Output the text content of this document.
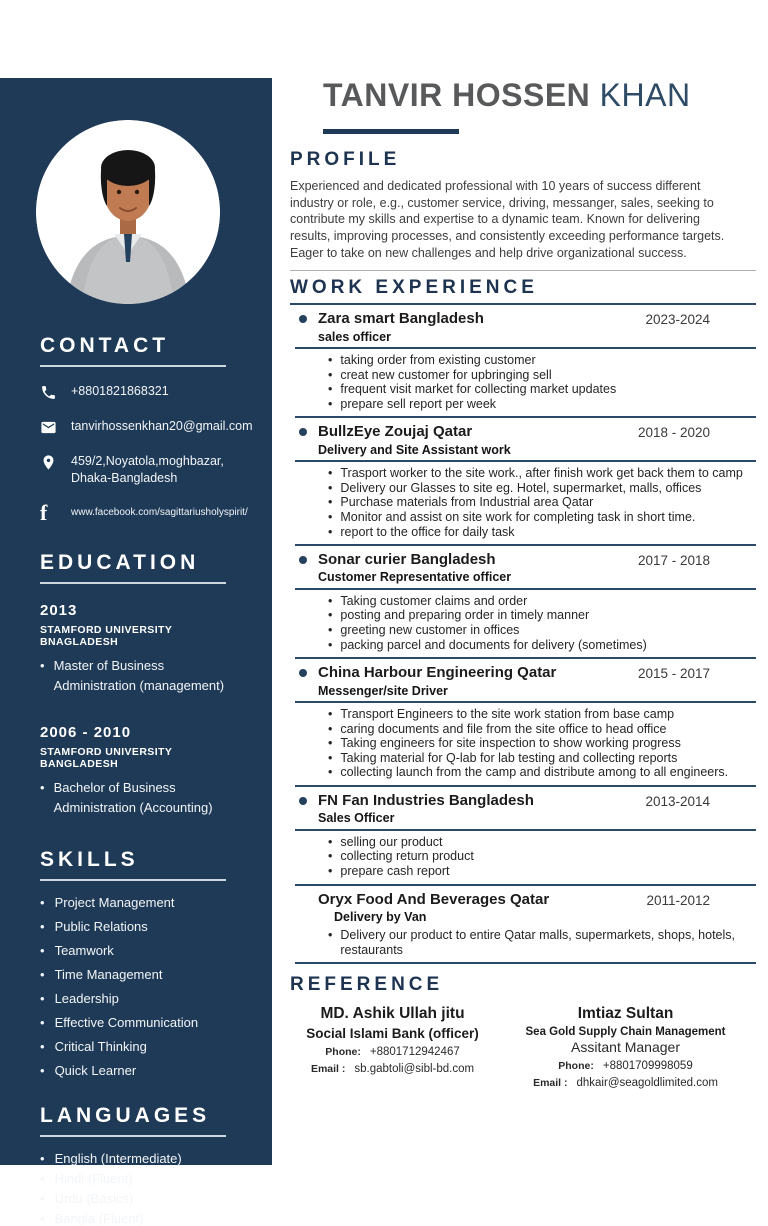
CONTACT
+8801821868321
tanvirhossenkhan20@gmail.com
459/2,Noyatola,moghbazar,
Dhaka-Bangladesh
f	www.facebook.com/sagittariusholyspirit/
EDUCATION
2013
STAMFORD UNIVERSITY BNAGLADESH
• Master of Business Administration (management)
2006 - 2010
STAMFORD UNIVERSITY BANGLADESH
• Bachelor of Business Administration (Accounting)
SKILLS
• Project Management
• Public Relations
• Teamwork
• Time Management
• Leadership
• Effective Communication
• Critical Thinking
• Quick Learner
LANGUAGES
• English (Intermediate)
• Hindi (Fluent)
• Urdu (Basics)
• Bangla (Fluent)
TANVIR HOSSEN KHAN
PROFILE

Experienced and dedicated professional with 10 years of success different industry or role, e.g., customer service, driving, messanger, sales, seeking to contribute my skills and expertise to a dynamic team. Known for delivering results, improving processes, and consistently exceeding performance targets. Eager to take on new challenges and help drive organizational success.

WORK EXPERIENCE
Zara smart Bangladesh
sales officer
2023-2024
• taking order from existing customer
• creat new customer for upbringing sell
• frequent visit market for collecting market updates
• prepare sell report per week
BullzEye Zoujaj Qatar
Delivery and Site Assistant work
2018 - 2020
• Trasport worker to the site work., after finish work get back them to camp
• Delivery our Glasses to site eg. Hotel, supermarket, malls, offices
• Purchase materials from Industrial area Qatar
• Monitor and assist on site work for completing task in short time.
• report to the office for daily task
Sonar curier Bangladesh
Customer Representative officer
2017 - 2018
• Taking customer claims and order
• posting and preparing order in timely manner
• greeting new customer in offices
• packing parcel and documents for delivery (sometimes)
China Harbour Engineering Qatar
Messenger/site Driver
2015 - 2017
• Transport Engineers to the site work station from base camp
• caring documents and file from the site office to head office
• Taking engineers for site inspection to show working progress
• Taking material for Q-lab for lab testing and collecting reports
• collecting launch from the camp and distribute among to all engineers.
FN Fan Industries Bangladesh
Sales Officer
2013-2014
• selling our product
• collecting return product
• prepare cash report
Oryx Food And Beverages Qatar
Delivery by Van
2011-2012
• Delivery our product to entire Qatar malls, supermarkets, shops, hotels, restaurants
REFERENCE
MD. Ashik Ullah jitu
Social Islami Bank (officer)
Phone: +8801712942467
Email : sb.gabtoli@sibl-bd.com
Imtiaz Sultan
Sea Gold Supply Chain Management
Assitant Manager
Phone: +8801709998059
Email : dhkair@seagoldlimited.com
